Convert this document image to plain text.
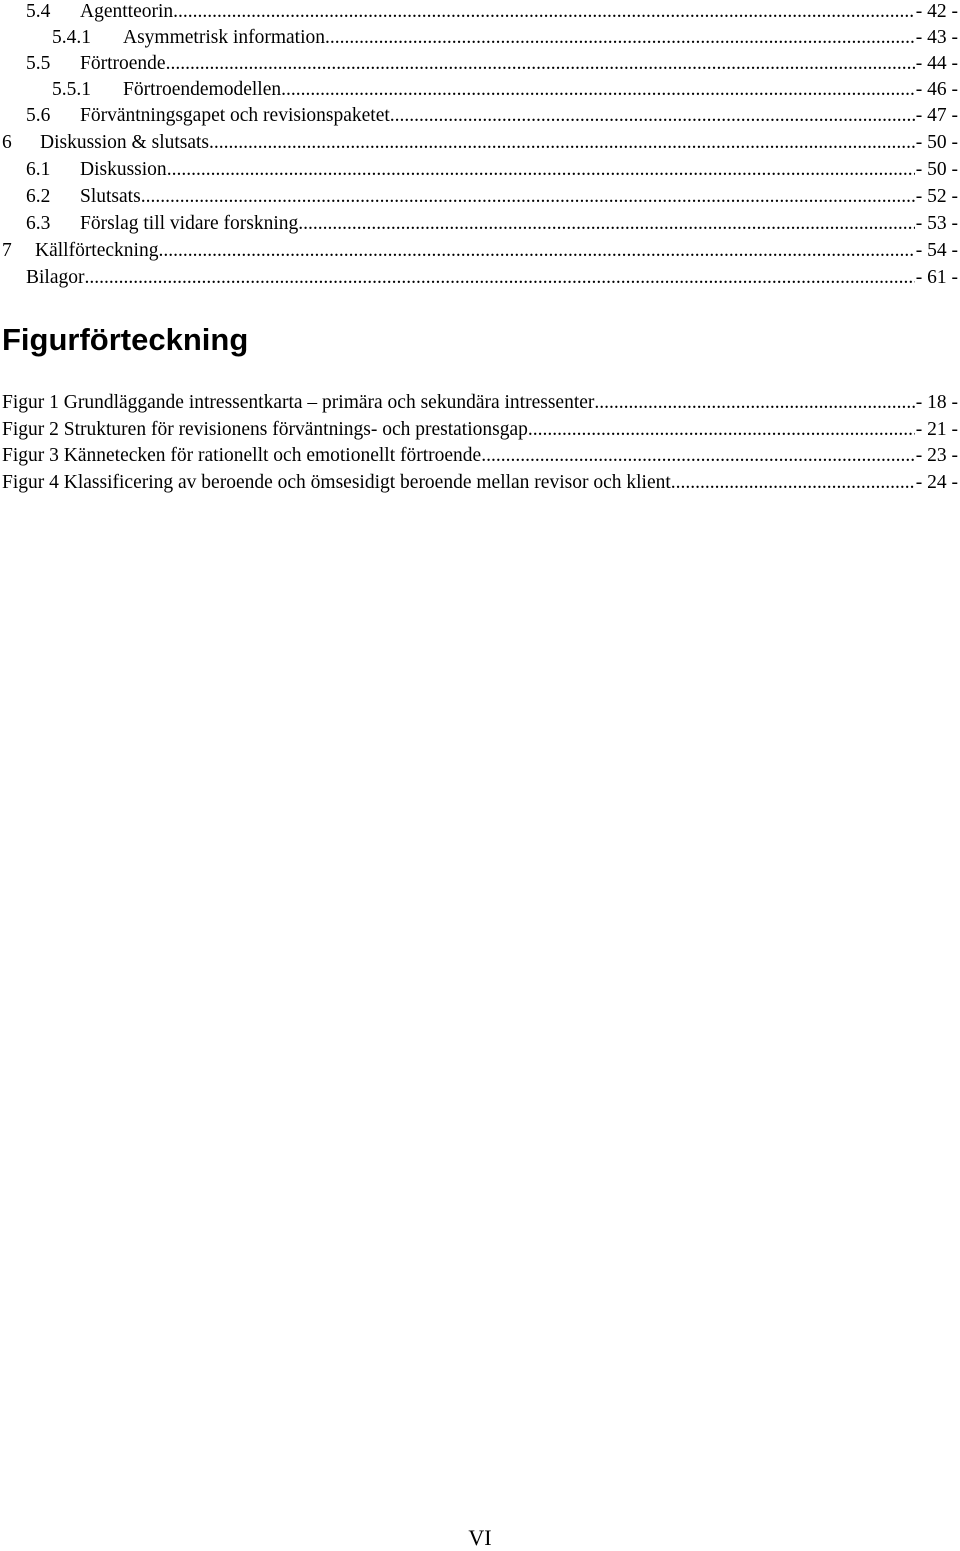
5.4	Agentteorin .....	- 42 -
5.4.1	Asymmetrisk information .....	- 43 -
5.5	Förtroende .....	- 44 -
5.5.1	Förtroendemodellen .....	- 46 -
5.6	Förväntningsgapet och revisionspaketet .....	- 47 -
6	Diskussion & slutsats .....	- 50 -
6.1	Diskussion .....	- 50 -
6.2	Slutsats .....	- 52 -
6.3	Förslag till vidare forskning .....	- 53 -
7	Källförteckning .....	- 54 -
Bilagor .....	- 61 -
Figurförteckning
Figur 1 Grundläggande intressentkarta – primära och sekundära intressenter .....	- 18 -
Figur 2 Strukturen för revisionens förväntnings- och prestationsgap .....	- 21 -
Figur 3 Kännetecken för rationellt och emotionellt förtroende .....	- 23 -
Figur 4 Klassificering av beroende och ömsesidigt beroende mellan revisor och klient .....	- 24 -
VI
